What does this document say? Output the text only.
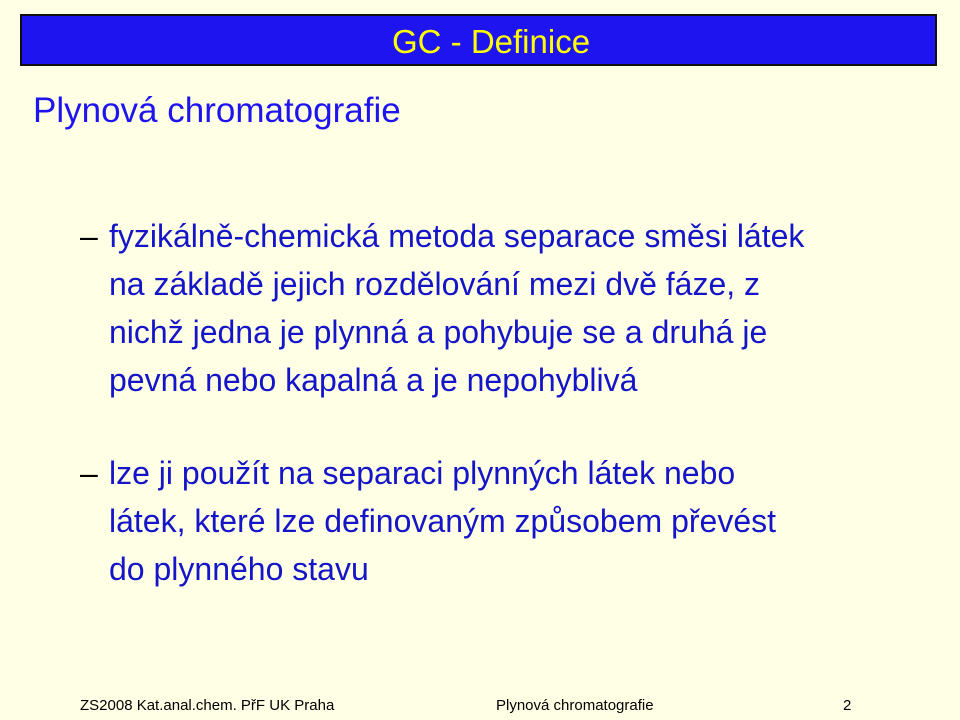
GC - Definice
Plynová chromatografie
– fyzikálně-chemická metoda separace směsi látek
na základě jejich rozdělování mezi dvě fáze, z
nichž jedna je plynná a pohybuje se a druhá je
pevná nebo kapalná a je nepohyblivá
– lze ji použít na separaci plynných látek nebo
látek, které lze definovaným způsobem převést
do plynného stavu
ZS2008 Kat.anal.chem. PřF UK Praha	Plynová chromatografie	2
